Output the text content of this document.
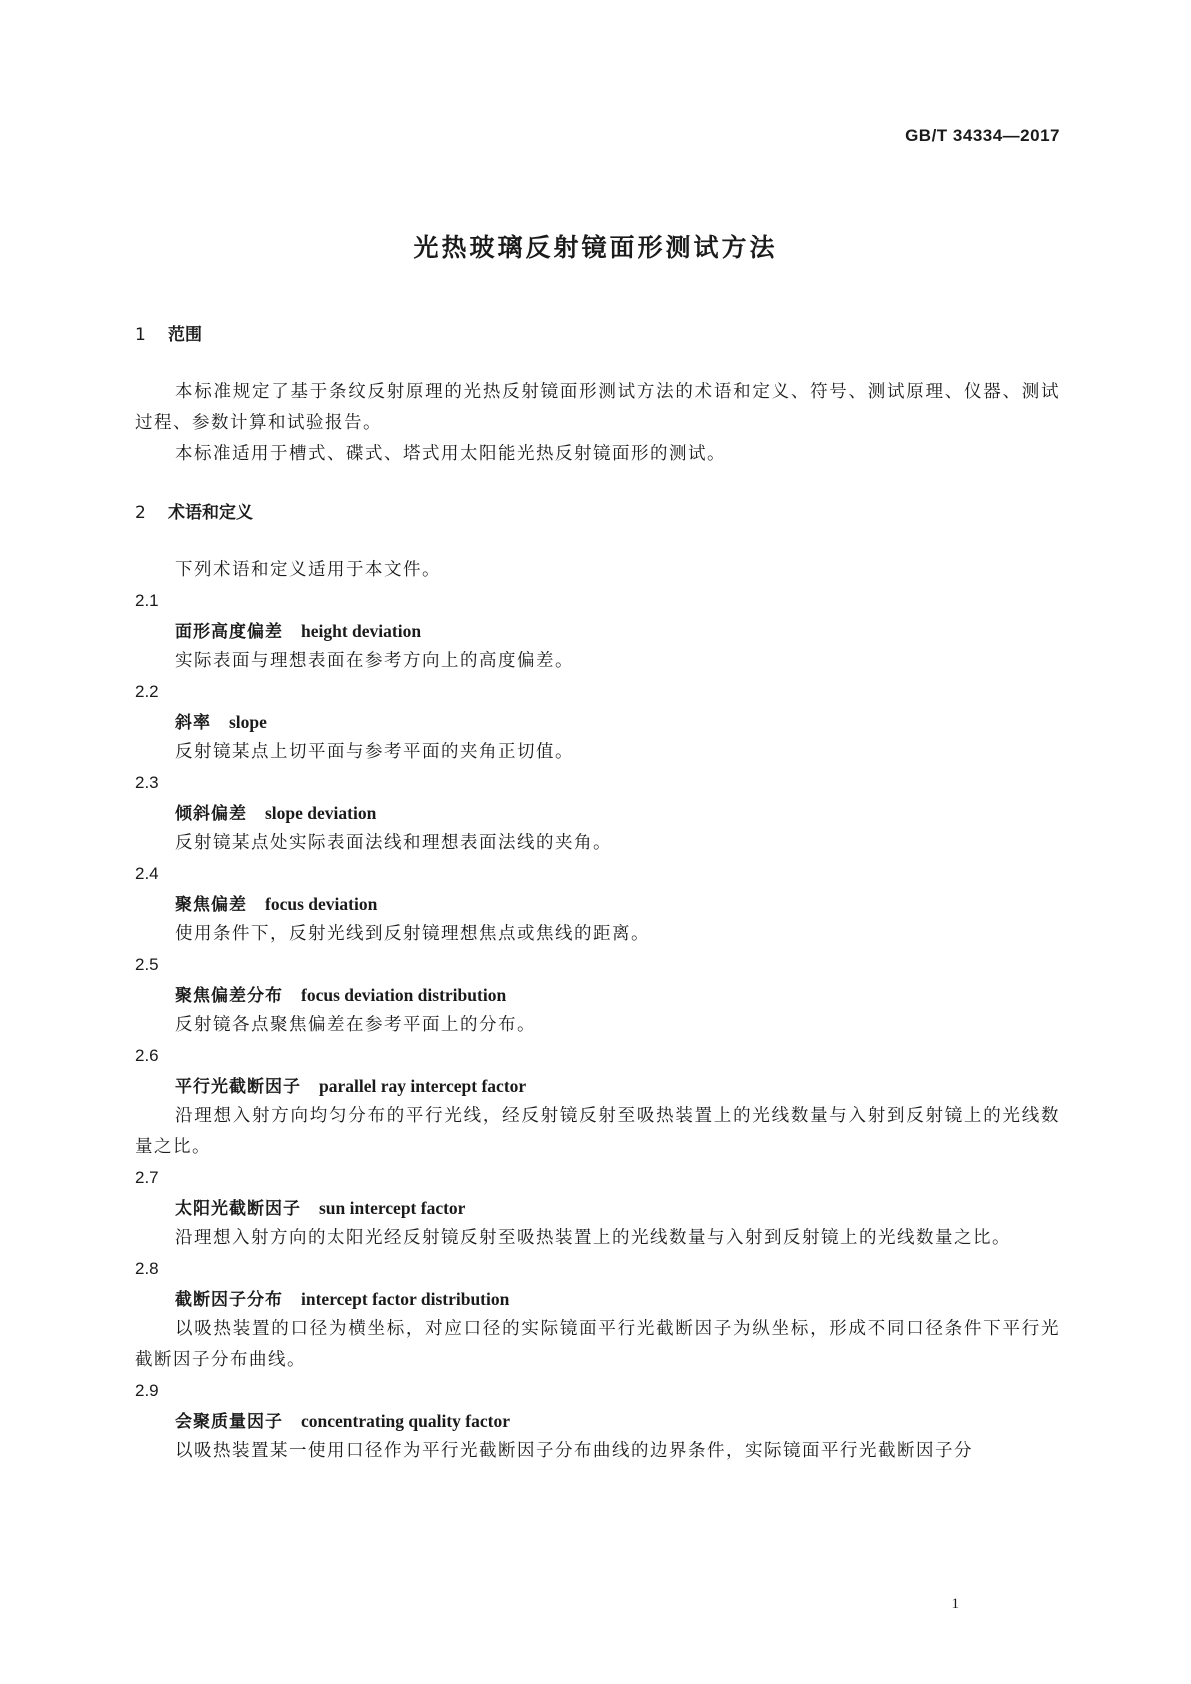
GB/T 34334—2017
光热玻璃反射镜面形测试方法
1 范围
本标准规定了基于条纹反射原理的光热反射镜面形测试方法的术语和定义、符号、测试原理、仪器、测试过程、参数计算和试验报告。
本标准适用于槽式、碟式、塔式用太阳能光热反射镜面形的测试。
2 术语和定义
下列术语和定义适用于本文件。
2.1
面形高度偏差 height deviation
实际表面与理想表面在参考方向上的高度偏差。
2.2
斜率 slope
反射镜某点上切平面与参考平面的夹角正切值。
2.3
倾斜偏差 slope deviation
反射镜某点处实际表面法线和理想表面法线的夹角。
2.4
聚焦偏差 focus deviation
使用条件下，反射光线到反射镜理想焦点或焦线的距离。
2.5
聚焦偏差分布 focus deviation distribution
反射镜各点聚焦偏差在参考平面上的分布。
2.6
平行光截断因子 parallel ray intercept factor
沿理想入射方向均匀分布的平行光线，经反射镜反射至吸热装置上的光线数量与入射到反射镜上的光线数量之比。
2.7
太阳光截断因子 sun intercept factor
沿理想入射方向的太阳光经反射镜反射至吸热装置上的光线数量与入射到反射镜上的光线数量之比。
2.8
截断因子分布 intercept factor distribution
以吸热装置的口径为横坐标，对应口径的实际镜面平行光截断因子为纵坐标，形成不同口径条件下平行光截断因子分布曲线。
2.9
会聚质量因子 concentrating quality factor
以吸热装置某一使用口径作为平行光截断因子分布曲线的边界条件，实际镜面平行光截断因子分
1
